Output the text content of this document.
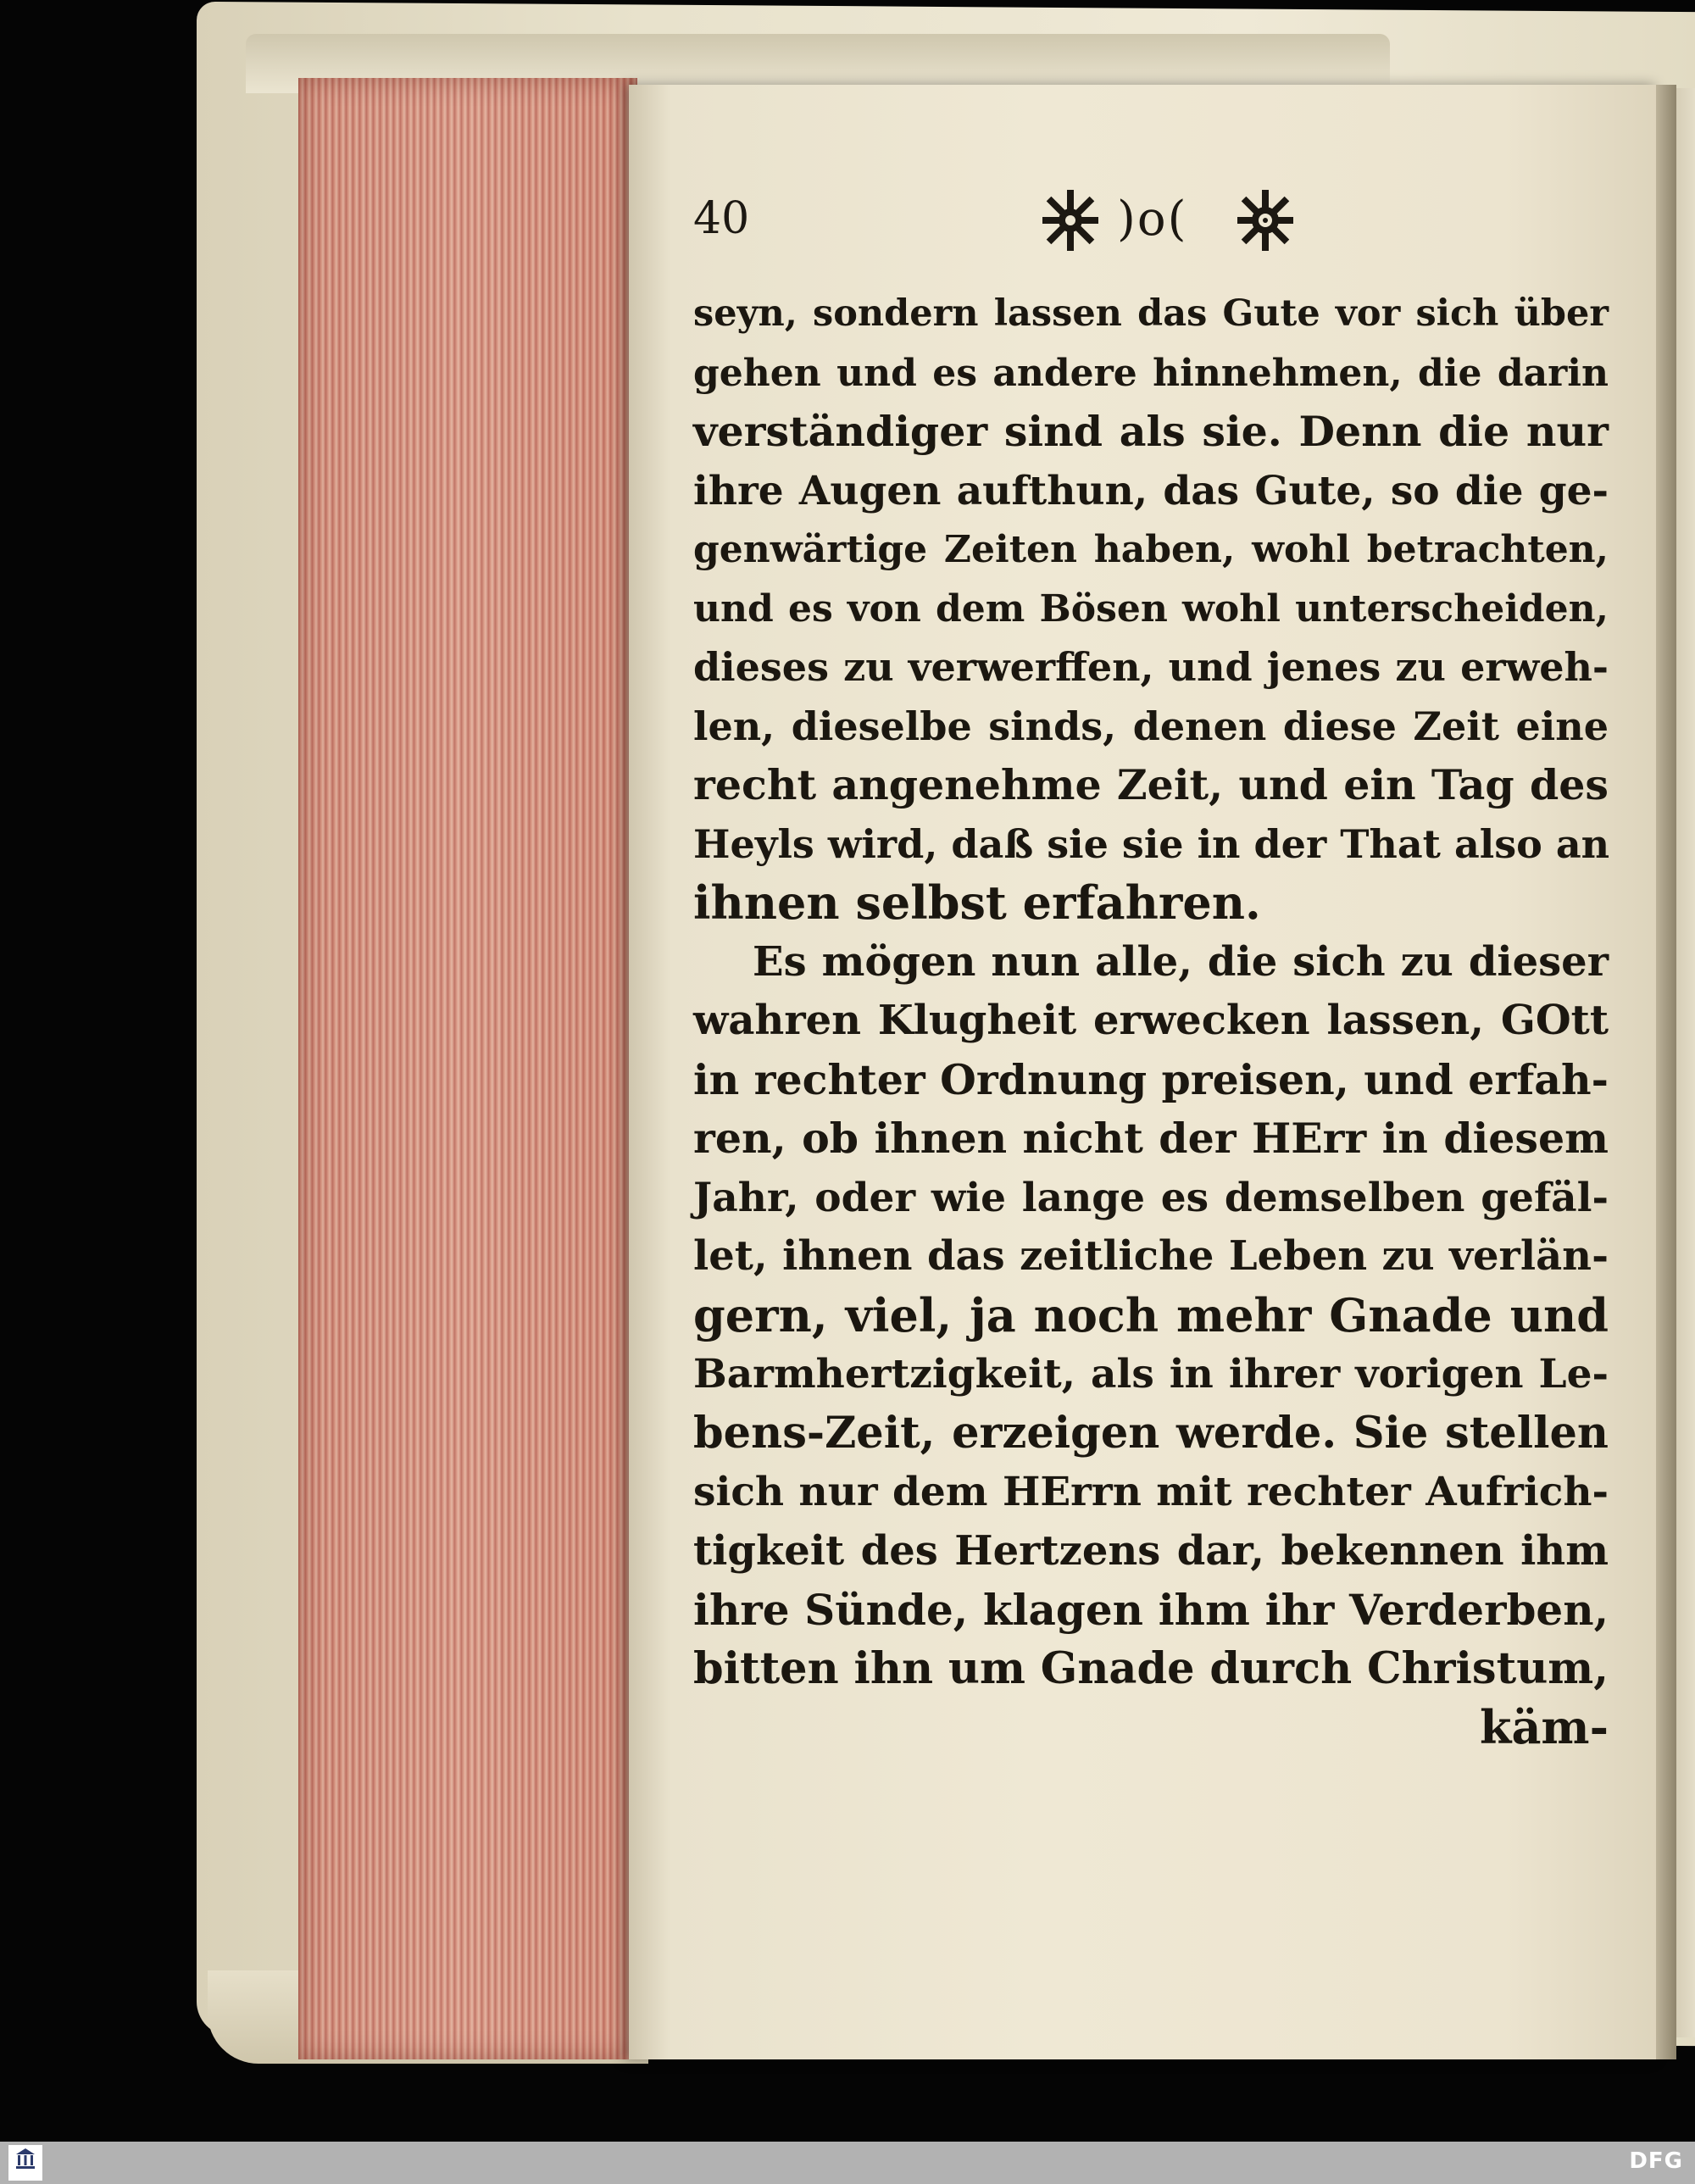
40	)o(
seyn, sondern lassen das Gute vor sich über
gehen und es andere hinnehmen, die darin
verständiger sind als sie. Denn die nur
ihre Augen aufthun, das Gute, so die ge-
genwärtige Zeiten haben, wohl betrachten,
und es von dem Bösen wohl unterscheiden,
dieses zu verwerffen, und jenes zu erweh-
len, dieselbe sinds, denen diese Zeit eine
recht angenehme Zeit, und ein Tag des
Heyls wird, daß sie sie in der That also an
ihnen selbst erfahren.
Es mögen nun alle, die sich zu dieser
wahren Klugheit erwecken lassen, GOtt
in rechter Ordnung preisen, und erfah-
ren, ob ihnen nicht der HErr in diesem
Jahr, oder wie lange es demselben gefäl-
let, ihnen das zeitliche Leben zu verlän-
gern, viel, ja noch mehr Gnade und
Barmhertzigkeit, als in ihrer vorigen Le-
bens-Zeit, erzeigen werde. Sie stellen
sich nur dem HErrn mit rechter Aufrich-
tigkeit des Hertzens dar, bekennen ihm
ihre Sünde, klagen ihm ihr Verderben,
bitten ihn um Gnade durch Christum,
käm-
DFG
